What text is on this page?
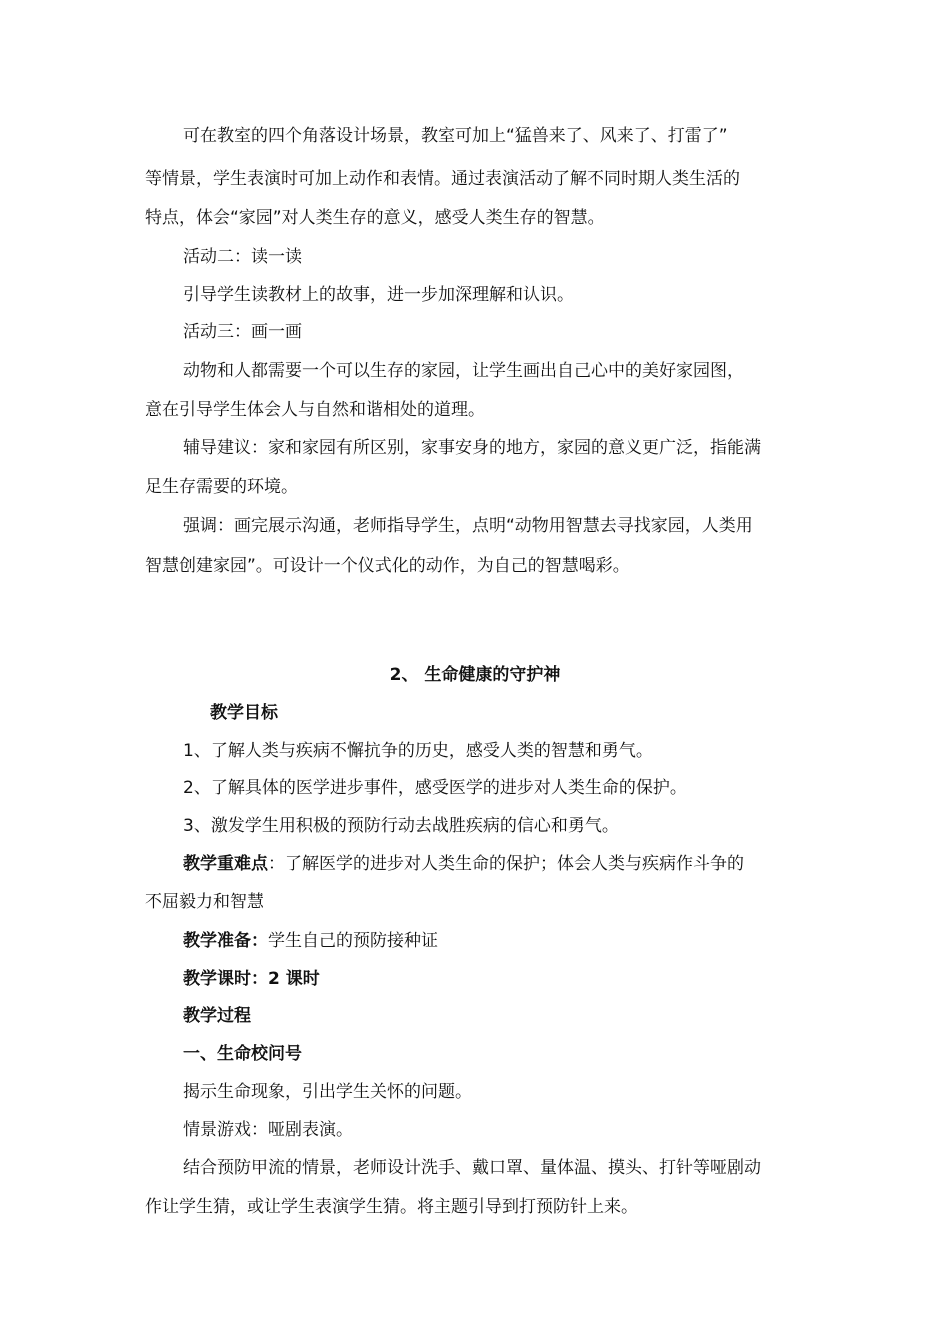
可在教室的四个角落设计场景，教室可加上“猛兽来了、风来了、打雷了”
等情景，学生表演时可加上动作和表情。通过表演活动了解不同时期人类生活的
特点，体会“家园”对人类生存的意义，感受人类生存的智慧。
活动二：读一读
引导学生读教材上的故事，进一步加深理解和认识。
活动三：画一画
动物和人都需要一个可以生存的家园，让学生画出自己心中的美好家园图，
意在引导学生体会人与自然和谐相处的道理。
辅导建议：家和家园有所区别，家事安身的地方，家园的意义更广泛，指能满
足生存需要的环境。
强调：画完展示沟通，老师指导学生，点明“动物用智慧去寻找家园，人类用
智慧创建家园”。可设计一个仪式化的动作，为自己的智慧喝彩。
2、 生命健康的守护神
教学目标
1、了解人类与疾病不懈抗争的历史，感受人类的智慧和勇气。
2、了解具体的医学进步事件，感受医学的进步对人类生命的保护。
3、激发学生用积极的预防行动去战胜疾病的信心和勇气。
教学重难点：了解医学的进步对人类生命的保护；体会人类与疾病作斗争的
不屈毅力和智慧
教学准备：学生自己的预防接种证
教学课时：2 课时
教学过程
一、生命校问号
揭示生命现象，引出学生关怀的问题。
情景游戏：哑剧表演。
结合预防甲流的情景，老师设计洗手、戴口罩、量体温、摸头、打针等哑剧动
作让学生猜，或让学生表演学生猜。将主题引导到打预防针上来。
